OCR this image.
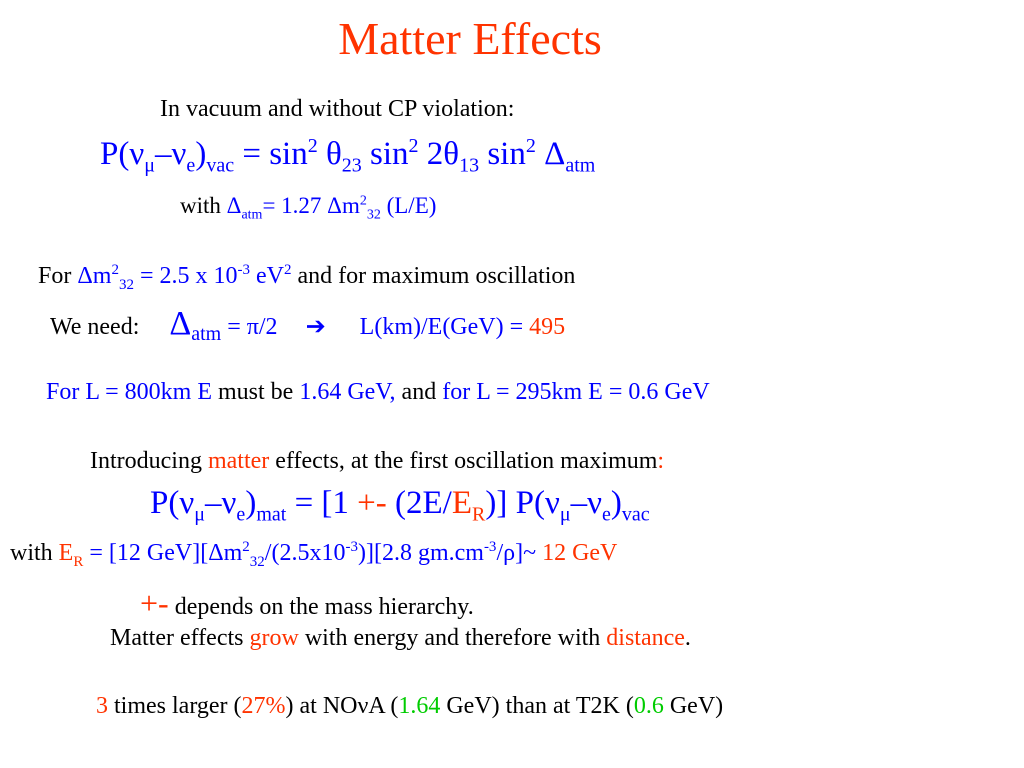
Matter Effects
In vacuum and without CP violation:
$P(\nu_\mu-\nu_e)_{vac} = \sin^2 \theta_{23}$ $\sin^2 2\theta_{13}$ $\sin^2 \Delta_{atm}$
with $\Delta_{atm}= 1.27$ $\Delta m^2_{32}$ (L/E)
For $\Delta m^2_{32} = 2.5$ x $10^{-3}$ $eV^2$ and for maximum oscillation
We need: $\Delta_{atm} = \pi/2$ ➔ L(km)/E(GeV) = 495
For L = 800km E must be 1.64 GeV, and for L = 295km E = 0.6 GeV
Introducing matter effects, at the first oscillation maximum:
$P(\nu_\mu-\nu_e)_{mat} = [1 +- (2E/E_R)]$ $P(\nu_\mu-\nu_e)_{vac}$
with $E_R = [12$ $GeV][\Delta m^2_{32}/(2.5x10^{-3})][2.8$ $gm.cm^{-3}/\rho]\sim$ 12 GeV
+- depends on the mass hierarchy.
Matter effects grow with energy and therefore with distance.
3 times larger (27%) at NOνA (1.64 GeV) than at T2K (0.6 GeV)
